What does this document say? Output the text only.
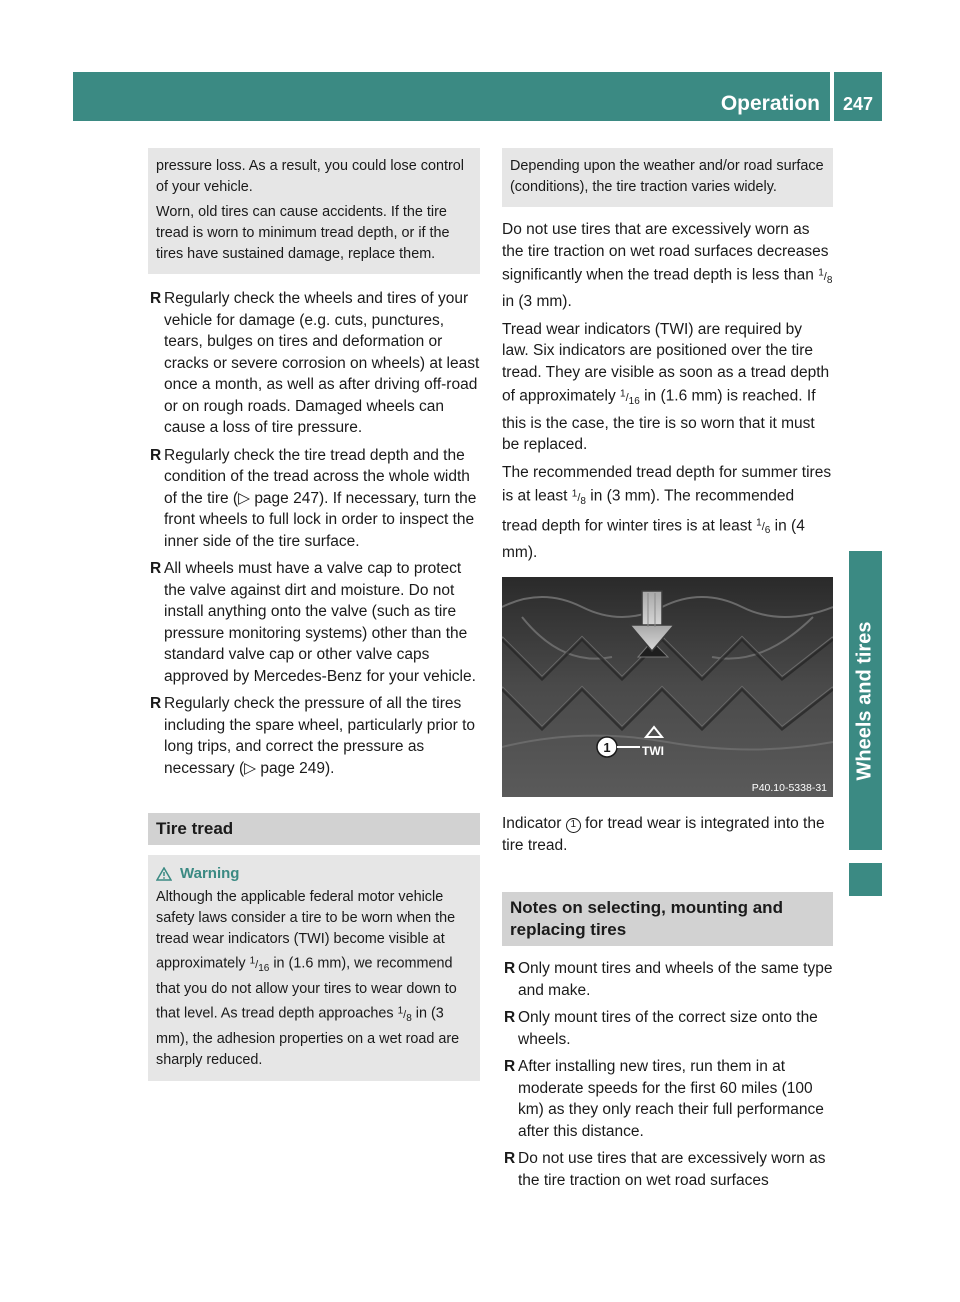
Operation	247
Wheels and tires

pressure loss. As a result, you could lose control of your vehicle.

Worn, old tires can cause accidents. If the tire tread is worn to minimum tread depth, or if the tires have sustained damage, replace them.

R Regularly check the wheels and tires of your vehicle for damage (e.g. cuts, punctures, tears, bulges on tires and deformation or cracks or severe corrosion on wheels) at least once a month, as well as after driving off-road or on rough roads. Damaged wheels can cause a loss of tire pressure.
R Regularly check the tire tread depth and the condition of the tread across the whole width of the tire (▷ page 247). If necessary, turn the front wheels to full lock in order to inspect the inner side of the tire surface.
R All wheels must have a valve cap to protect the valve against dirt and moisture. Do not install anything onto the valve (such as tire pressure monitoring systems) other than the standard valve cap or other valve caps approved by Mercedes-Benz for your vehicle.
R Regularly check the pressure of all the tires including the spare wheel, particularly prior to long trips, and correct the pressure as necessary (▷ page 249).
Tire tread
Warning
Although the applicable federal motor vehicle safety laws consider a tire to be worn when the tread wear indicators (TWI) become visible at approximately $^1/_{16}$ in (1.6 mm), we recommend that you do not allow your tires to wear down to that level. As tread depth approaches $^1/_8$ in (3 mm), the adhesion properties on a wet road are sharply reduced.

Depending upon the weather and/or road surface (conditions), the tire traction varies widely.

Do not use tires that are excessively worn as the tire traction on wet road surfaces decreases significantly when the tread depth is less than $^1/_8$ in (3 mm).

Tread wear indicators (TWI) are required by law. Six indicators are positioned over the tire tread. They are visible as soon as a tread depth of approximately $^1/_{16}$ in (1.6 mm) is reached. If this is the case, the tire is so worn that it must be replaced.

The recommended tread depth for summer tires is at least $^1/_8$ in (3 mm). The recommended tread depth for winter tires is at least $^1/_6$ in (4 mm).

TWI
1
P40.10-5338-31

Indicator 1 for tread wear is integrated into the tire tread.

Notes on selecting, mounting and replacing tires
R Only mount tires and wheels of the same type and make.
R Only mount tires of the correct size onto the wheels.
R After installing new tires, run them in at moderate speeds for the first 60 miles (100 km) as they only reach their full performance after this distance.
R Do not use tires that are excessively worn as the tire traction on wet road surfaces
